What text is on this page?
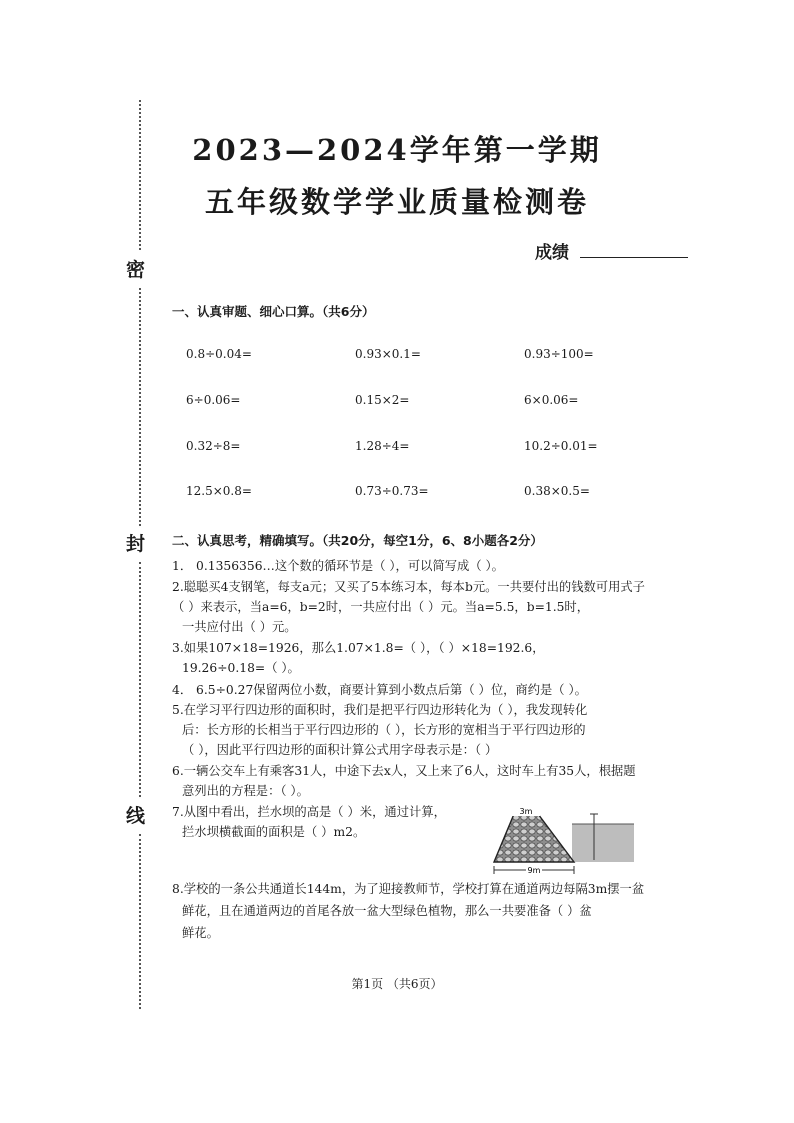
密
封
线
2023—2024学年第一学期
五年级数学学业质量检测卷
成绩
一、认真审题、细心口算。（共6分）
0.8÷0.04=	0.93×0.1=	0.93÷100=
6÷0.06=	0.15×2=	6×0.06=
0.32÷8=	1.28÷4=	10.2÷0.01=
12.5×0.8=	0.73÷0.73=	0.38×0.5=
二、认真思考，精确填写。（共20分，每空1分，6、8小题各2分）
1． 0.1356356…这个数的循环节是（ ），可以简写成（ ）。
2.聪聪买4支钢笔，每支a元；又买了5本练习本，每本b元。一共要付出的钱数可用式子
（ ）来表示，当a=6，b=2时，一共应付出（ ）元。当a=5.5，b=1.5时，
一共应付出（ ）元。
3.如果107×18=1926，那么1.07×1.8=（ ），（ ）×18=192.6，
19.26÷0.18=（ ）。
4． 6.5÷0.27保留两位小数，商要计算到小数点后第（ ）位，商约是（ ）。
5.在学习平行四边形的面积时，我们是把平行四边形转化为（ ），我发现转化
后：长方形的长相当于平行四边形的（ ），长方形的宽相当于平行四边形的
（ ），因此平行四边形的面积计算公式用字母表示是：（ ）
6.一辆公交车上有乘客31人，中途下去x人，又上来了6人，这时车上有35人，根据题
意列出的方程是：（ ）。
7.从图中看出，拦水坝的高是（ ）米，通过计算，
拦水坝横截面的面积是（ ）m2。
3m
9m
8.学校的一条公共通道长144m，为了迎接教师节，学校打算在通道两边每隔3m摆一盆
鲜花，且在通道两边的首尾各放一盆大型绿色植物，那么一共要准备（ ）盆
鲜花。
第1页 （共6页）
